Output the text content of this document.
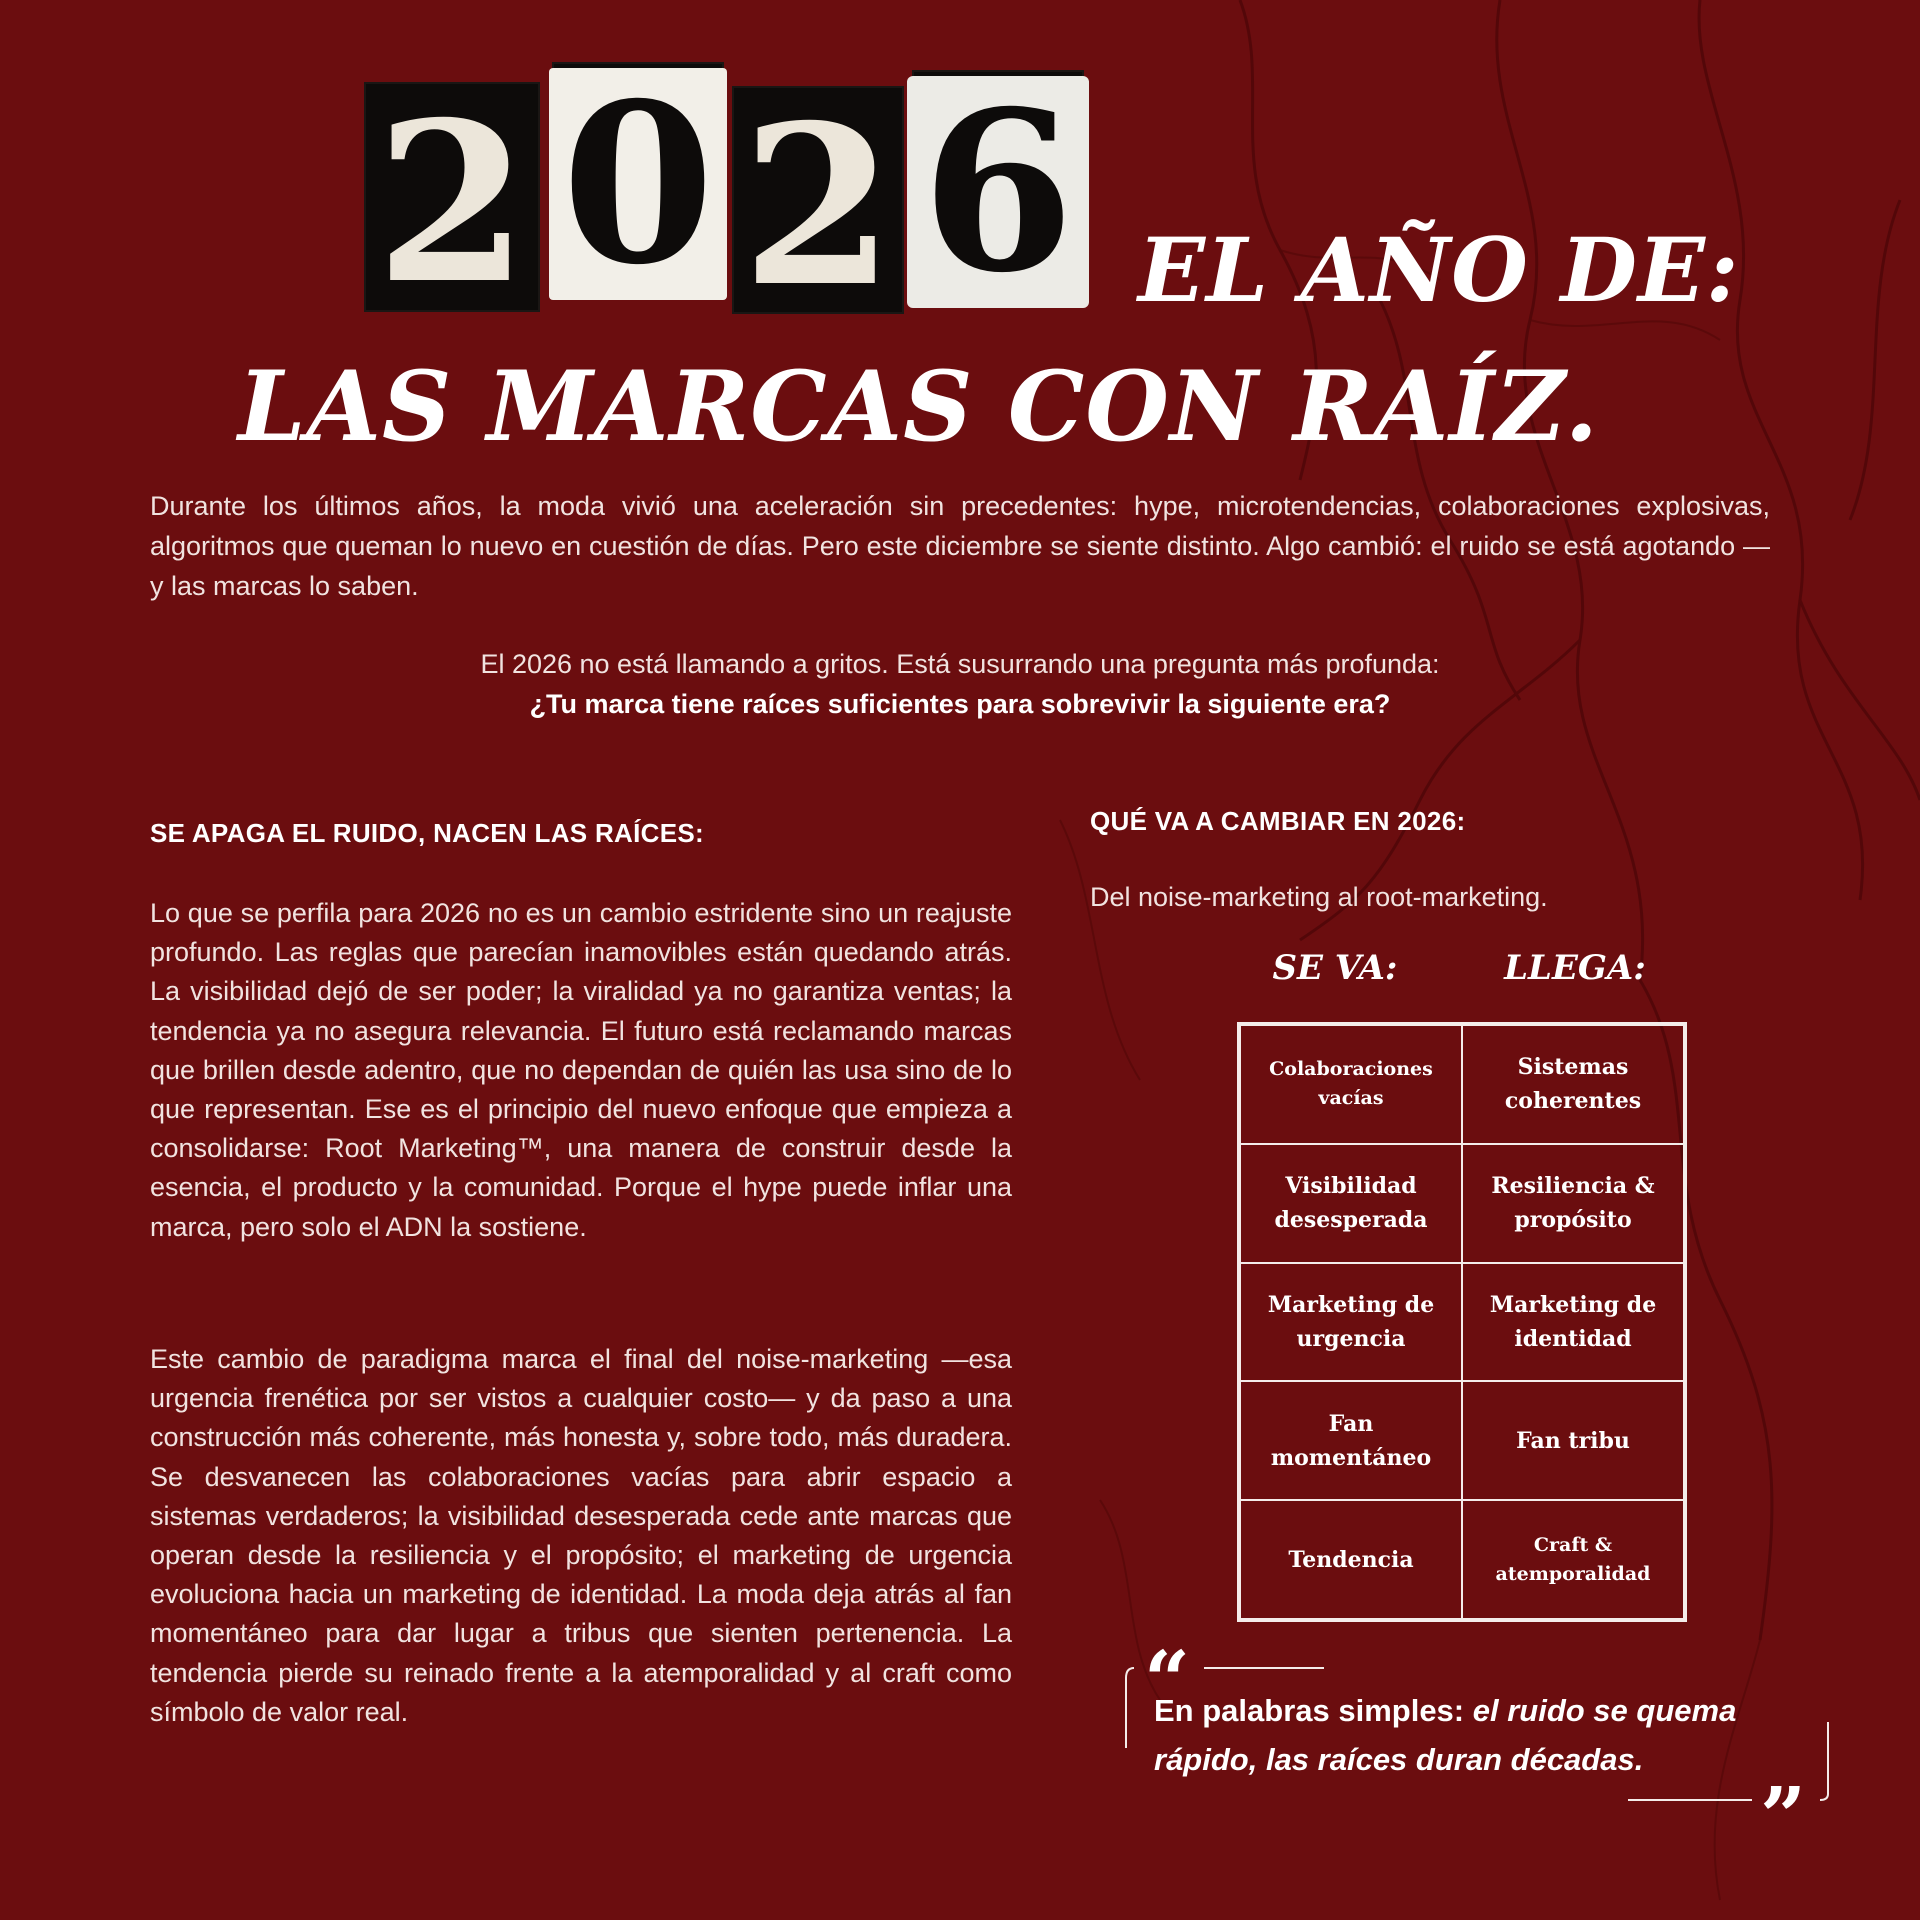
2 0 2 6 EL AÑO DE:
LAS MARCAS CON RAÍZ.
Durante los últimos años, la moda vivió una aceleración sin precedentes: hype, microtendencias, colaboraciones explosivas, algoritmos que queman lo nuevo en cuestión de días. Pero este diciembre se siente distinto. Algo cambió: el ruido se está agotando — y las marcas lo saben.
El 2026 no está llamando a gritos. Está susurrando una pregunta más profunda:
¿Tu marca tiene raíces suficientes para sobrevivir la siguiente era?
SE APAGA EL RUIDO, NACEN LAS RAÍCES:
Lo que se perfila para 2026 no es un cambio estridente sino un reajuste profundo. Las reglas que parecían inamovibles están quedando atrás. La visibilidad dejó de ser poder; la viralidad ya no garantiza ventas; la tendencia ya no asegura relevancia. El futuro está reclamando marcas que brillen desde adentro, que no dependan de quién las usa sino de lo que representan. Ese es el principio del nuevo enfoque que empieza a consolidarse: Root Marketing™, una manera de construir desde la esencia, el producto y la comunidad. Porque el hype puede inflar una marca, pero solo el ADN la sostiene.
Este cambio de paradigma marca el final del noise-marketing —esa urgencia frenética por ser vistos a cualquier costo— y da paso a una construcción más coherente, más honesta y, sobre todo, más duradera. Se desvanecen las colaboraciones vacías para abrir espacio a sistemas verdaderos; la visibilidad desesperada cede ante marcas que operan desde la resiliencia y el propósito; el marketing de urgencia evoluciona hacia un marketing de identidad. La moda deja atrás al fan momentáneo para dar lugar a tribus que sienten pertenencia. La tendencia pierde su reinado frente a la atemporalidad y al craft como símbolo de valor real.
QUÉ VA A CAMBIAR EN 2026:
Del noise-marketing al root-marketing.
SE VA:	LLEGA:
Colaboraciones vacías
Sistemas coherentes
Visibilidad desesperada
Resiliencia & propósito
Marketing de urgencia
Marketing de identidad
Fan momentáneo
Fan tribu
Tendencia
Craft & atemporalidad
“
”
En palabras simples: el ruido se quema rápido, las raíces duran décadas.
